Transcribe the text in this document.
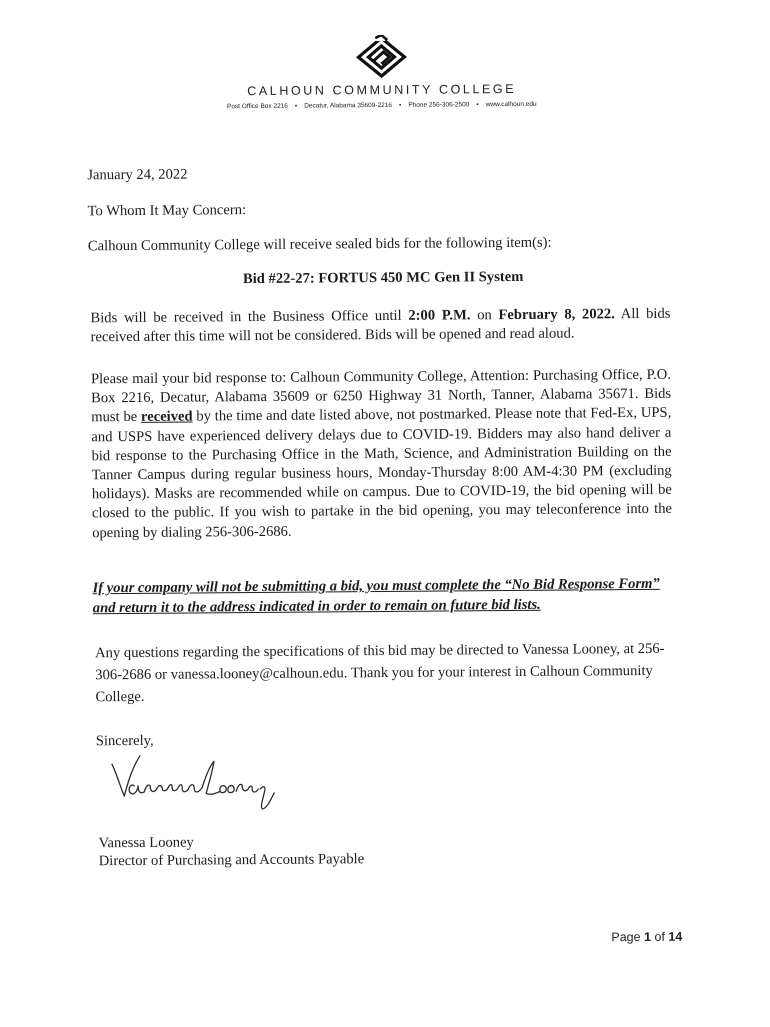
CALHOUN COMMUNITY COLLEGE
Post Office Box 2216 • Decatur, Alabama 35609-2216 • Phone 256-306-2500 • www.calhoun.edu
January 24, 2022
To Whom It May Concern:
Calhoun Community College will receive sealed bids for the following item(s):
Bid #22-27: FORTUS 450 MC Gen II System
Bids will be received in the Business Office until 2:00 P.M. on February 8, 2022. All bids received after this time will not be considered. Bids will be opened and read aloud.
Please mail your bid response to: Calhoun Community College, Attention: Purchasing Office, P.O. Box 2216, Decatur, Alabama 35609 or 6250 Highway 31 North, Tanner, Alabama 35671. Bids must be received by the time and date listed above, not postmarked. Please note that Fed-Ex, UPS, and USPS have experienced delivery delays due to COVID-19. Bidders may also hand deliver a bid response to the Purchasing Office in the Math, Science, and Administration Building on the Tanner Campus during regular business hours, Monday-Thursday 8:00 AM-4:30 PM (excluding holidays). Masks are recommended while on campus. Due to COVID-19, the bid opening will be closed to the public. If you wish to partake in the bid opening, you may teleconference into the opening by dialing 256-306-2686.
If your company will not be submitting a bid, you must complete the “No Bid Response Form” and return it to the address indicated in order to remain on future bid lists.
Any questions regarding the specifications of this bid may be directed to Vanessa Looney, at 256-306-2686 or vanessa.looney@calhoun.edu. Thank you for your interest in Calhoun Community College.
Sincerely,
Vanessa Looney
Director of Purchasing and Accounts Payable
Page 1 of 14
